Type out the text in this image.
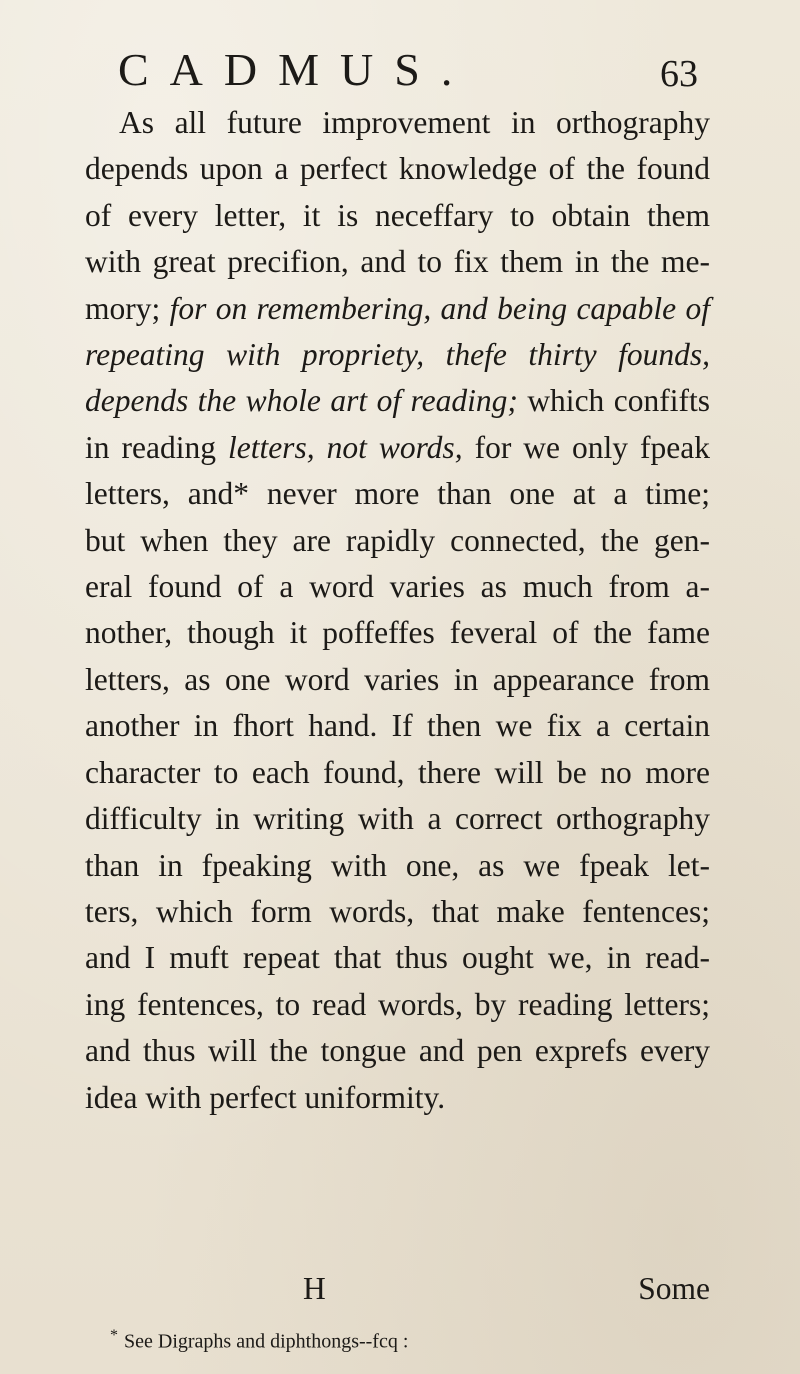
CADMUS.	63
As all future improvement in orthography
depends upon a perfect knowledge of the found
of every letter, it is neceffary to obtain them
with great precifion, and to fix them in the me-
mory; for on remembering, and being capable of
repeating with propriety, thefe thirty founds,
depends the whole art of reading; which confifts
in reading letters, not words, for we only fpeak
letters, and* never more than one at a time;
but when they are rapidly connected, the gen-
eral found of a word varies as much from a-
nother, though it poffeffes feveral of the fame
letters, as one word varies in appearance from
another in fhort hand. If then we fix a certain
character to each found, there will be no more
difficulty in writing with a correct orthography
than in fpeaking with one, as we fpeak let-
ters, which form words, that make fentences;
and I muft repeat that thus ought we, in read-
ing fentences, to read words, by reading letters;
and thus will the tongue and pen exprefs every
idea with perfect uniformity.
H	Some
* See Digraphs and diphthongs--fcq :
